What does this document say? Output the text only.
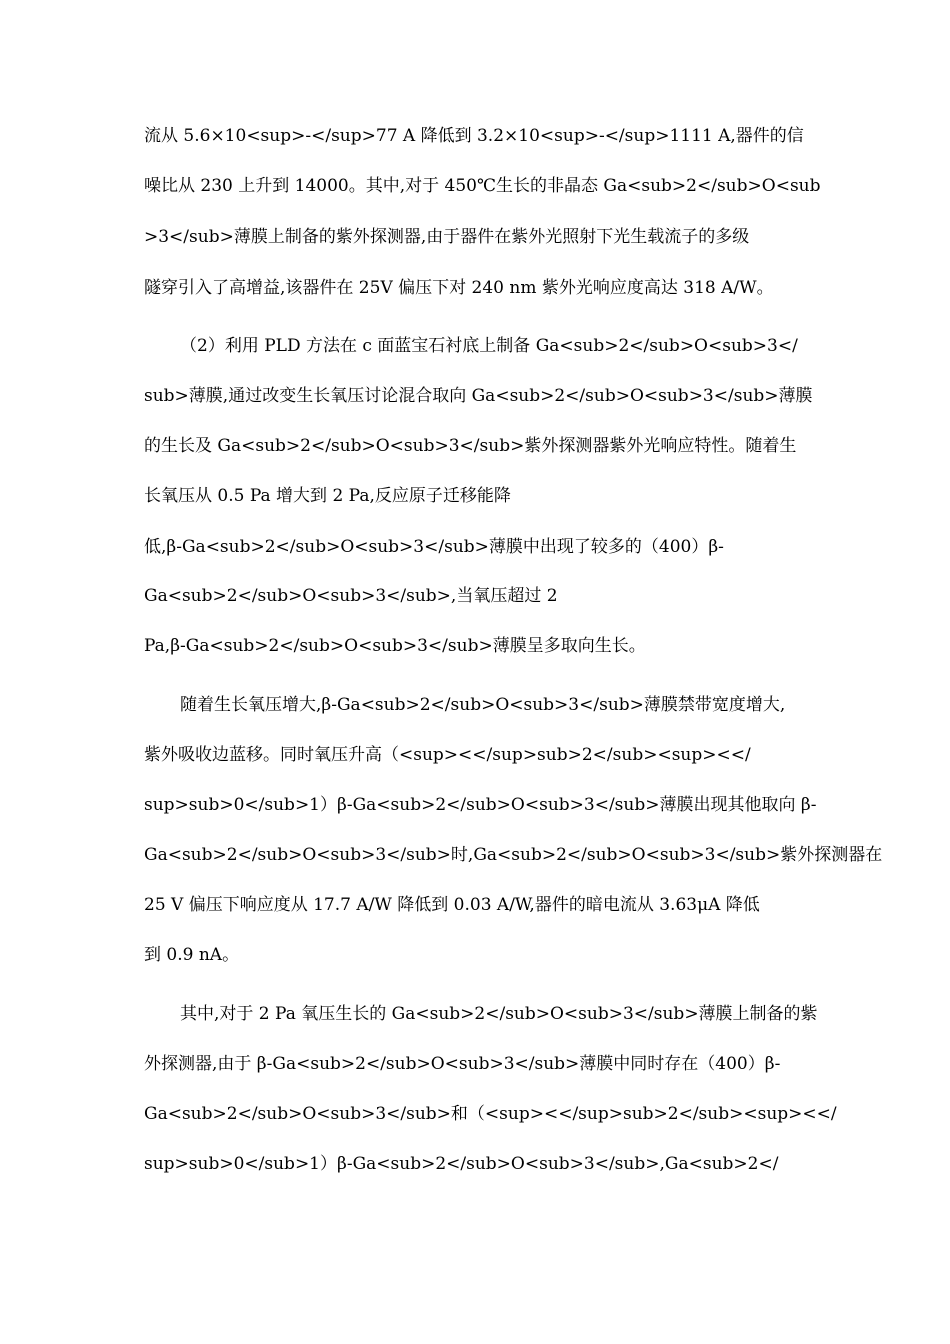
流从 5.6×10<sup>-</sup>77 A 降低到 3.2×10<sup>-</sup>1111 A,器件的信
噪比从 230 上升到 14000。其中,对于 450℃生长的非晶态 Ga<sub>2</sub>O<sub
>3</sub>薄膜上制备的紫外探测器,由于器件在紫外光照射下光生载流子的多级
隧穿引入了高增益,该器件在 25V 偏压下对 240 nm 紫外光响应度高达 318 A/W。
（2）利用 PLD 方法在 c 面蓝宝石衬底上制备 Ga<sub>2</sub>O<sub>3</
sub>薄膜,通过改变生长氧压讨论混合取向 Ga<sub>2</sub>O<sub>3</sub>薄膜
的生长及 Ga<sub>2</sub>O<sub>3</sub>紫外探测器紫外光响应特性。随着生
长氧压从 0.5 Pa 增大到 2 Pa,反应原子迁移能降
低,β-Ga<sub>2</sub>O<sub>3</sub>薄膜中出现了较多的（400）β-
Ga<sub>2</sub>O<sub>3</sub>,当氧压超过 2
Pa,β-Ga<sub>2</sub>O<sub>3</sub>薄膜呈多取向生长。
随着生长氧压增大,β-Ga<sub>2</sub>O<sub>3</sub>薄膜禁带宽度增大,
紫外吸收边蓝移。同时氧压升高（<sup><</sup>sub>2</sub><sup><</
sup>sub>0</sub>1）β-Ga<sub>2</sub>O<sub>3</sub>薄膜出现其他取向 β-
Ga<sub>2</sub>O<sub>3</sub>时,Ga<sub>2</sub>O<sub>3</sub>紫外探测器在
25 V 偏压下响应度从 17.7 A/W 降低到 0.03 A/W,器件的暗电流从 3.63μA 降低
到 0.9 nA。
其中,对于 2 Pa 氧压生长的 Ga<sub>2</sub>O<sub>3</sub>薄膜上制备的紫
外探测器,由于 β-Ga<sub>2</sub>O<sub>3</sub>薄膜中同时存在（400）β-
Ga<sub>2</sub>O<sub>3</sub>和（<sup><</sup>sub>2</sub><sup><</
sup>sub>0</sub>1）β-Ga<sub>2</sub>O<sub>3</sub>,Ga<sub>2</
